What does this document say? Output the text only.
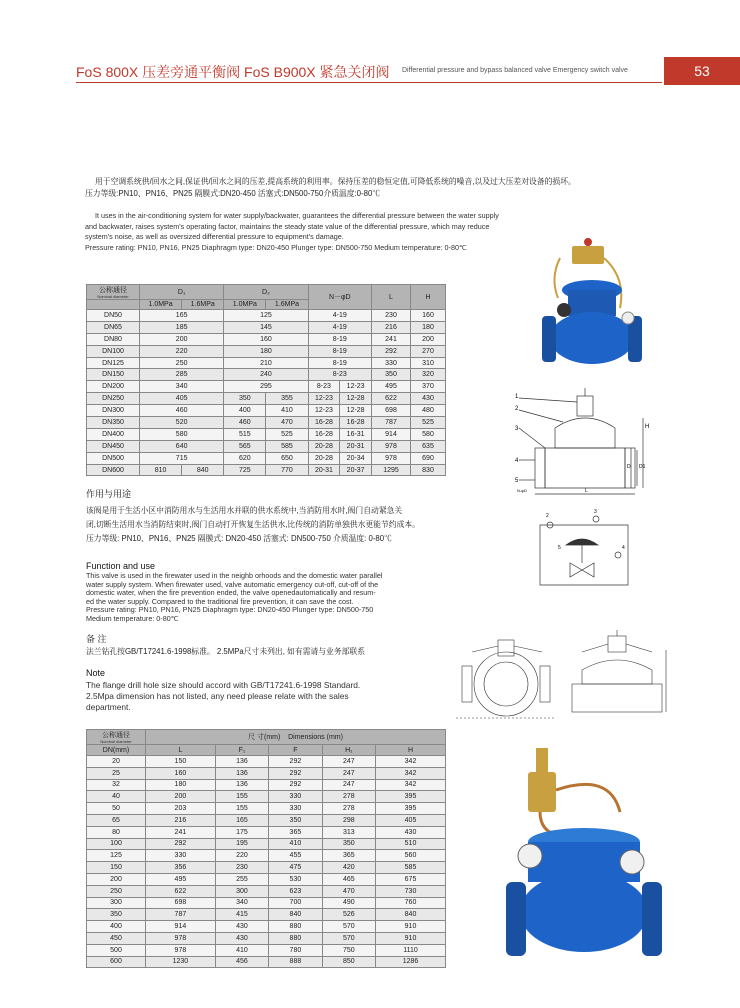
FoS 800X 压差旁通平衡阀 FoS B900X 紧急关闭阀 Differential pressure and bypass balanced valve Emergency switch valve	53
用于空调系统供/回水之间,保证供/回水之间的压差,提高系统的利用率。保持压差的稳恒定值,可降低系统的噪音,以及过大压差对设备的损坏。
压力等级:PN10、PN16、PN25 隔膜式:DN20-450 活塞式:DN500-750介质温度:0-80℃
It uses in the air-conditioning system for water supply/backwater, guarantees the differential pressure between the water supply
and backwater, raises system's operating factor, maintains the steady state value of the differential pressure, which may reduce
system's noise, as well as oversized differential pressure to equipment's damage.
Pressure rating: PN10, PN16, PN25 Diaphragm type: DN20-450 Plunger type: DN500-750 Medium temperature: 0-80℃
公称通径
Nominal diameter	D₁		D₂		N－φD		L	H
	1.0MPa	1.6MPa	1.0MPa	1.6MPa				
DN50	165		125		4-19		230	160
DN65	185		145		4-19		216	180
DN80	200		160		8-19		241	200
DN100	220		180		8-19		292	270
DN125	250		210		8-19		330	310
DN150	285		240		8-23		350	320
DN200	340		295		8-23	12-23	495	370
DN250	405		350	355	12-23	12-28	622	430
DN300	460		400	410	12-23	12-28	698	480
DN350	520		460	470	16-28	16-28	787	525
DN400	580		515	525	16-28	16-31	914	580
DN450	640		565	585	20-28	20-31	978	635
DN500	715		620	650	20-28	20-34	978	690
DN600	810	840	725	770	20-31	20-37	1295	830
作用与用途
该阀是用于生活小区中消防用水与生活用水并联的供水系统中,当消防用水时,阀门自动紧急关
闭,切断生活用水当消防结束时,阀门自动打开恢复生活供水,比传统的消防单独供水更能节约成本。
压力等级: PN10、PN16、PN25 隔膜式: DN20-450 活塞式: DN500-750 介质温度: 0-80℃
Function and use
This valve is used in the firewater used in the neighb orhoods and the domestic water parallel
water supply system. When firewater used, valve automatic emergency cut-off, cut-off of the
domestic water, when the fire prevention ended, the valve openedautomatically and resum-
ed the water supply. Compared to the traditional fire prevention, it can save the cost.
Pressure rating: PN10, PN16, PN25 Diaphragm type: DN20-450 Plunger type: DN500-750
Medium temperature: 0-80℃
备 注
法兰钻孔按GB/T17241.6-1998标准。 2.5MPa尺寸未列出, 如有需请与业务部联系
Note
The flange drill hole size should accord with GB/T17241.6-1998 Standard.
2.5Mpa dimension has not listed, any need please relate with the sales
department.
公称通径
Nominal diameter	尺 寸(mm) Dimensions (mm)				
DN(mm)	L	F₁	F	H₁	H
20	150	136	292	247	342
25	160	136	292	247	342
32	180	136	292	247	342
40	200	155	330	278	395
50	203	155	330	278	395
65	216	165	350	298	405
80	241	175	365	313	430
100	292	195	410	350	510
125	330	220	455	365	560
150	356	230	475	420	585
200	495	255	530	465	675
250	622	300	623	470	730
300	698	340	700	490	760
350	787	415	840	526	840
400	914	430	880	570	910
450	978	430	880	570	910
500	978	410	780	750	1110
600	1230	456	888	850	1286
1
2
3
4
5
H
D D1
L
N-φD
2
3
4
5
